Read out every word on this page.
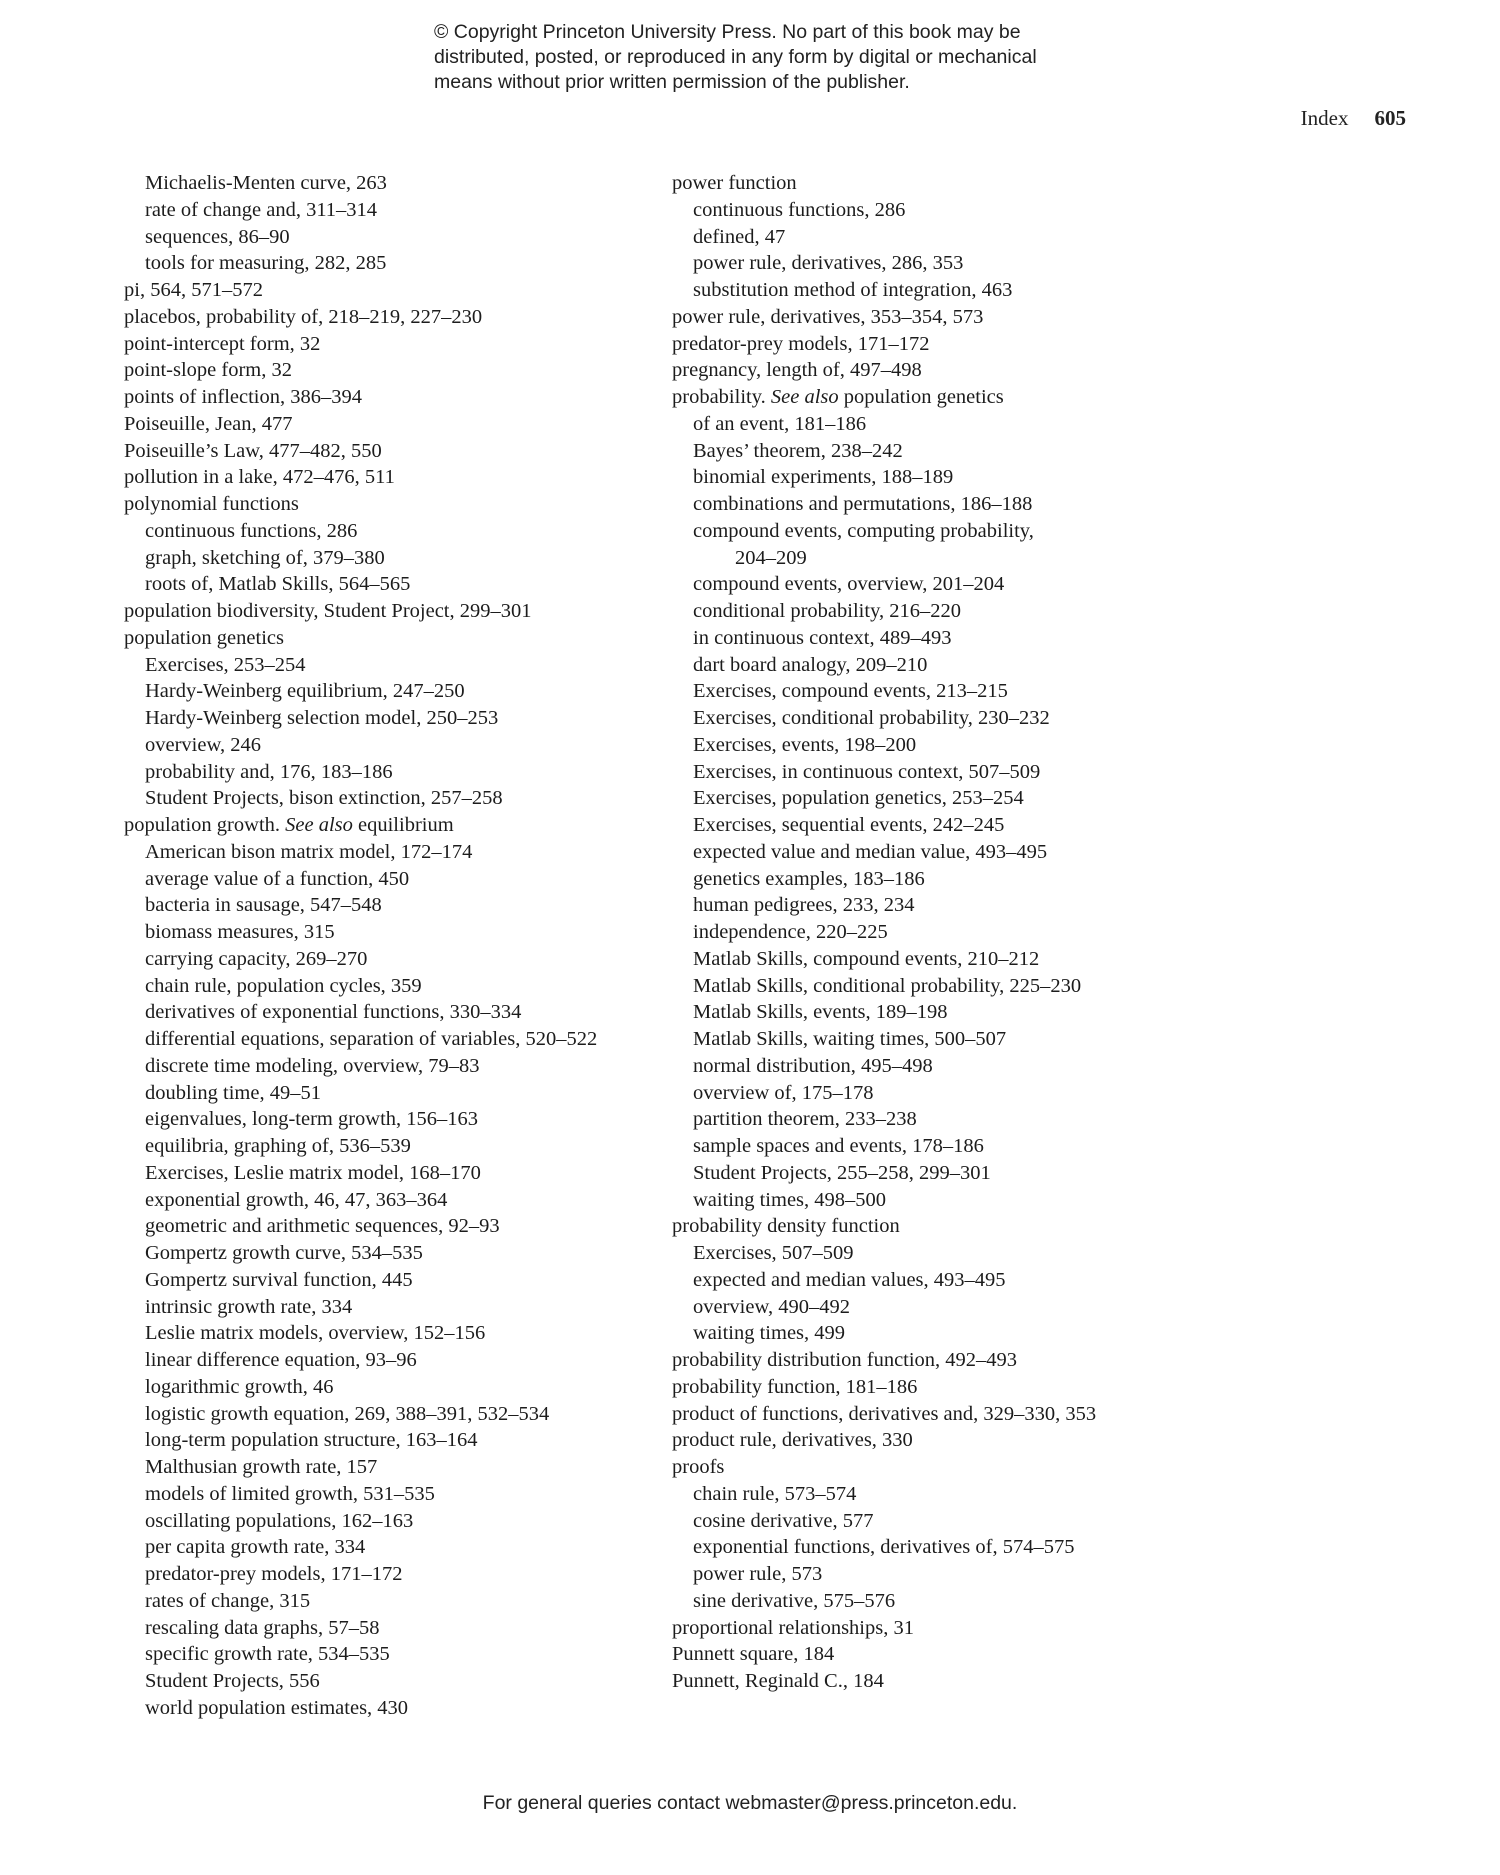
© Copyright Princeton University Press. No part of this book may be
distributed, posted, or reproduced in any form by digital or mechanical
means without prior written permission of the publisher.
Index 605
Michaelis-Menten curve, 263
rate of change and, 311–314
sequences, 86–90
tools for measuring, 282, 285
pi, 564, 571–572
placebos, probability of, 218–219, 227–230
point-intercept form, 32
point-slope form, 32
points of inflection, 386–394
Poiseuille, Jean, 477
Poiseuille’s Law, 477–482, 550
pollution in a lake, 472–476, 511
polynomial functions
continuous functions, 286
graph, sketching of, 379–380
roots of, Matlab Skills, 564–565
population biodiversity, Student Project, 299–301
population genetics
Exercises, 253–254
Hardy-Weinberg equilibrium, 247–250
Hardy-Weinberg selection model, 250–253
overview, 246
probability and, 176, 183–186
Student Projects, bison extinction, 257–258
population growth. See also equilibrium
American bison matrix model, 172–174
average value of a function, 450
bacteria in sausage, 547–548
biomass measures, 315
carrying capacity, 269–270
chain rule, population cycles, 359
derivatives of exponential functions, 330–334
differential equations, separation of variables, 520–522
discrete time modeling, overview, 79–83
doubling time, 49–51
eigenvalues, long-term growth, 156–163
equilibria, graphing of, 536–539
Exercises, Leslie matrix model, 168–170
exponential growth, 46, 47, 363–364
geometric and arithmetic sequences, 92–93
Gompertz growth curve, 534–535
Gompertz survival function, 445
intrinsic growth rate, 334
Leslie matrix models, overview, 152–156
linear difference equation, 93–96
logarithmic growth, 46
logistic growth equation, 269, 388–391, 532–534
long-term population structure, 163–164
Malthusian growth rate, 157
models of limited growth, 531–535
oscillating populations, 162–163
per capita growth rate, 334
predator-prey models, 171–172
rates of change, 315
rescaling data graphs, 57–58
specific growth rate, 534–535
Student Projects, 556
world population estimates, 430
power function
continuous functions, 286
defined, 47
power rule, derivatives, 286, 353
substitution method of integration, 463
power rule, derivatives, 353–354, 573
predator-prey models, 171–172
pregnancy, length of, 497–498
probability. See also population genetics
of an event, 181–186
Bayes’ theorem, 238–242
binomial experiments, 188–189
combinations and permutations, 186–188
compound events, computing probability,
204–209
compound events, overview, 201–204
conditional probability, 216–220
in continuous context, 489–493
dart board analogy, 209–210
Exercises, compound events, 213–215
Exercises, conditional probability, 230–232
Exercises, events, 198–200
Exercises, in continuous context, 507–509
Exercises, population genetics, 253–254
Exercises, sequential events, 242–245
expected value and median value, 493–495
genetics examples, 183–186
human pedigrees, 233, 234
independence, 220–225
Matlab Skills, compound events, 210–212
Matlab Skills, conditional probability, 225–230
Matlab Skills, events, 189–198
Matlab Skills, waiting times, 500–507
normal distribution, 495–498
overview of, 175–178
partition theorem, 233–238
sample spaces and events, 178–186
Student Projects, 255–258, 299–301
waiting times, 498–500
probability density function
Exercises, 507–509
expected and median values, 493–495
overview, 490–492
waiting times, 499
probability distribution function, 492–493
probability function, 181–186
product of functions, derivatives and, 329–330, 353
product rule, derivatives, 330
proofs
chain rule, 573–574
cosine derivative, 577
exponential functions, derivatives of, 574–575
power rule, 573
sine derivative, 575–576
proportional relationships, 31
Punnett square, 184
Punnett, Reginald C., 184
For general queries contact webmaster@press.princeton.edu.
